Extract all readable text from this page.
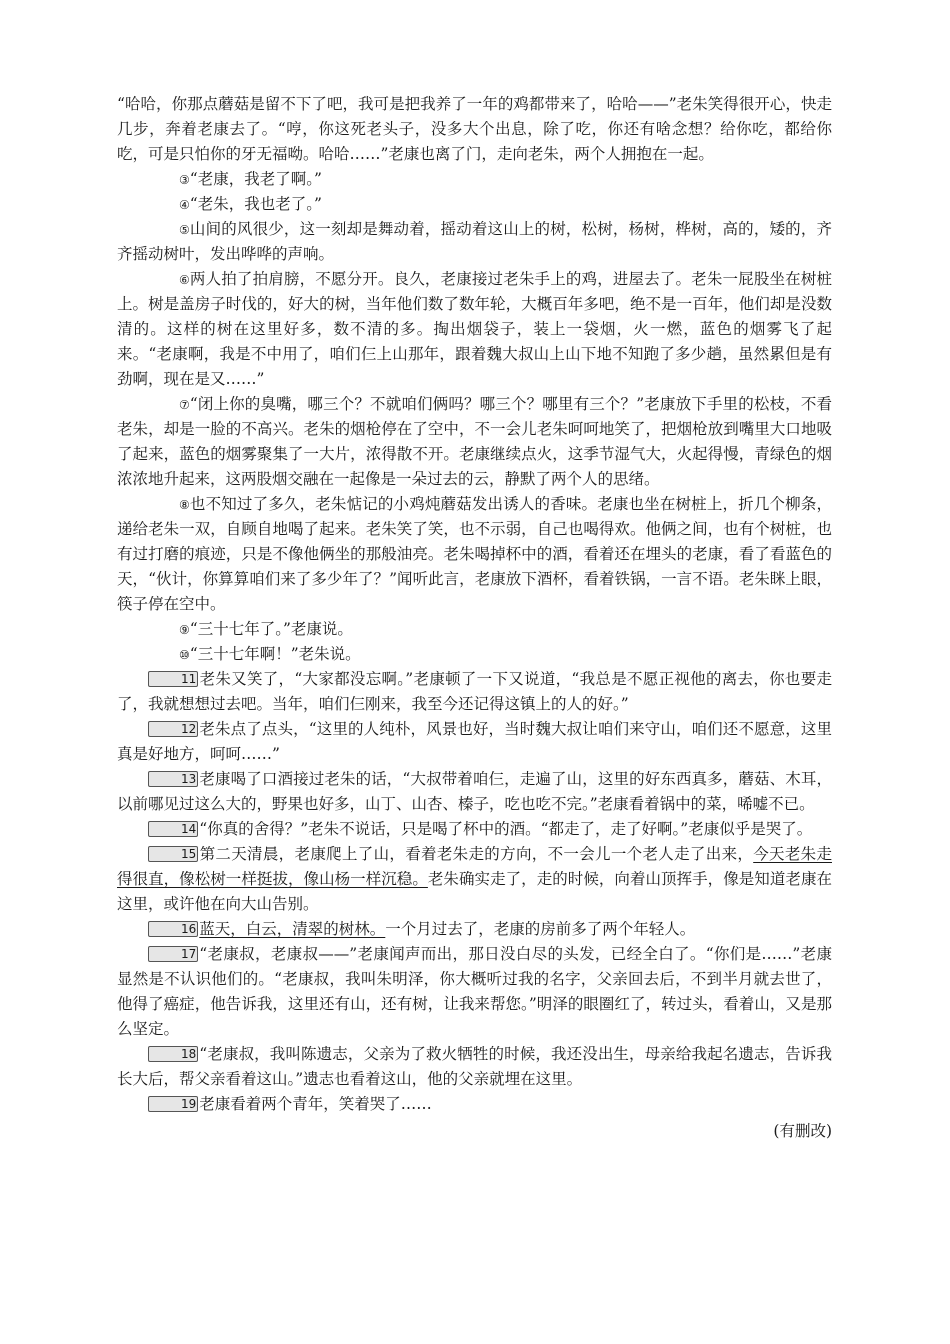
“哈哈，你那点蘑菇是留不下了吧，我可是把我养了一年的鸡都带来了，哈哈——”老朱笑得很开心，快走几步，奔着老康去了。“哼，你这死老头子，没多大个出息，除了吃，你还有啥念想？给你吃，都给你吃，可是只怕你的牙无福呦。哈哈……”老康也离了门，走向老朱，两个人拥抱在一起。

③“老康，我老了啊。”

④“老朱，我也老了。”

⑤山间的风很少，这一刻却是舞动着，摇动着这山上的树，松树，杨树，桦树，高的，矮的，齐齐摇动树叶，发出哗哗的声响。

⑥两人拍了拍肩膀，不愿分开。良久，老康接过老朱手上的鸡，进屋去了。老朱一屁股坐在树桩上。树是盖房子时伐的，好大的树，当年他们数了数年轮，大概百年多吧，绝不是一百年，他们却是没数清的。这样的树在这里好多，数不清的多。掏出烟袋子，装上一袋烟，火一燃，蓝色的烟雾飞了起来。“老康啊，我是不中用了，咱们仨上山那年，跟着魏大叔山上山下地不知跑了多少趟，虽然累但是有劲啊，现在是又……”

⑦“闭上你的臭嘴，哪三个？不就咱们俩吗？哪三个？哪里有三个？”老康放下手里的松枝，不看老朱，却是一脸的不高兴。老朱的烟枪停在了空中，不一会儿老朱呵呵地笑了，把烟枪放到嘴里大口地吸了起来，蓝色的烟雾聚集了一大片，浓得散不开。老康继续点火，这季节湿气大，火起得慢，青绿色的烟浓浓地升起来，这两股烟交融在一起像是一朵过去的云，静默了两个人的思绪。

⑧也不知过了多久，老朱惦记的小鸡炖蘑菇发出诱人的香味。老康也坐在树桩上，折几个柳条，递给老朱一双，自顾自地喝了起来。老朱笑了笑，也不示弱，自己也喝得欢。他俩之间，也有个树桩，也有过打磨的痕迹，只是不像他俩坐的那般油亮。老朱喝掉杯中的酒，看着还在埋头的老康，看了看蓝色的天，“伙计，你算算咱们来了多少年了？”闻听此言，老康放下酒杯，看着铁锅，一言不语。老朱眯上眼，筷子停在空中。

⑨“三十七年了。”老康说。

⑩“三十七年啊！”老朱说。

11 老朱又笑了，“大家都没忘啊。”老康顿了一下又说道，“我总是不愿正视他的离去，你也要走了，我就想想过去吧。当年，咱们仨刚来，我至今还记得这镇上的人的好。”

12 老朱点了点头，“这里的人纯朴，风景也好，当时魏大叔让咱们来守山，咱们还不愿意，这里真是好地方，呵呵……”

13 老康喝了口酒接过老朱的话，“大叔带着咱仨，走遍了山，这里的好东西真多，蘑菇、木耳，以前哪见过这么大的，野果也好多，山丁、山杏、榛子，吃也吃不完。”老康看着锅中的菜，唏嘘不已。

14 “你真的舍得？”老朱不说话，只是喝了杯中的酒。“都走了，走了好啊。”老康似乎是哭了。

15 第二天清晨，老康爬上了山，看着老朱走的方向，不一会儿一个老人走了出来，今天老朱走得很直，像松树一样挺拔，像山杨一样沉稳。老朱确实走了，走的时候，向着山顶挥手，像是知道老康在这里，或许他在向大山告别。

16 蓝天，白云，清翠的树林。一个月过去了，老康的房前多了两个年轻人。

17 “老康叔，老康叔——”老康闻声而出，那日没白尽的头发，已经全白了。“你们是……”老康显然是不认识他们的。“老康叔，我叫朱明泽，你大概听过我的名字，父亲回去后，不到半月就去世了，他得了癌症，他告诉我，这里还有山，还有树，让我来帮您。”明泽的眼圈红了，转过头，看着山，又是那么坚定。

18 “老康叔，我叫陈遗志，父亲为了救火牺牲的时候，我还没出生，母亲给我起名遗志，告诉我长大后，帮父亲看着这山。”遗志也看着这山，他的父亲就埋在这里。

19 老康看着两个青年，笑着哭了……

(有删改)
